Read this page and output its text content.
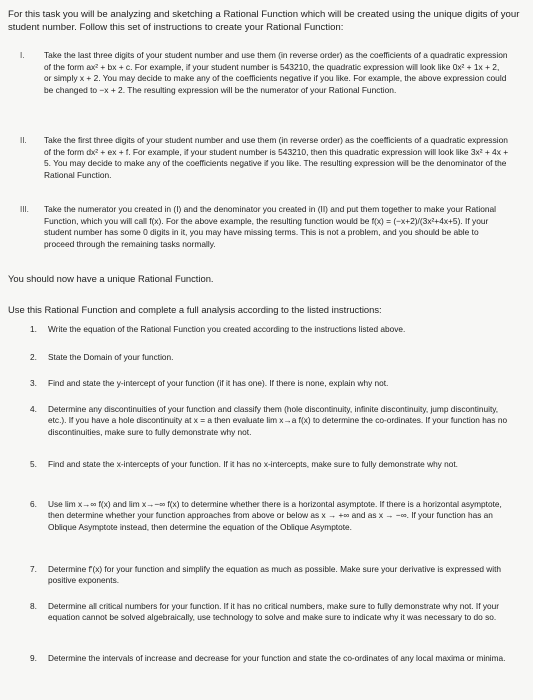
For this task you will be analyzing and sketching a Rational Function which will be created using the unique digits of your student number. Follow this set of instructions to create your Rational Function:
I.	Take the last three digits of your student number and use them (in reverse order) as the coefficients of a quadratic expression of the form ax² + bx + c. For example, if your student number is 543210, the quadratic expression will look like 0x² + 1x + 2, or simply x + 2. You may decide to make any of the coefficients negative if you like. For example, the above expression could be changed to −x + 2. The resulting expression will be the numerator of your Rational Function.
II.	Take the first three digits of your student number and use them (in reverse order) as the coefficients of a quadratic expression of the form dx² + ex + f. For example, if your student number is 543210, then this quadratic expression will look like 3x² + 4x + 5. You may decide to make any of the coefficients negative if you like. The resulting expression will be the denominator of the Rational Function.
III.	Take the numerator you created in (I) and the denominator you created in (II) and put them together to make your Rational Function, which you will call f(x). For the above example, the resulting function would be f(x) = (−x+2)/(3x²+4x+5). If your student number has some 0 digits in it, you may have missing terms. This is not a problem, and you should be able to proceed through the remaining tasks normally.
You should now have a unique Rational Function.
Use this Rational Function and complete a full analysis according to the listed instructions:
1.	Write the equation of the Rational Function you created according to the instructions listed above.
2.	State the Domain of your function.
3.	Find and state the y-intercept of your function (if it has one). If there is none, explain why not.
4.	Determine any discontinuities of your function and classify them (hole discontinuity, infinite discontinuity, jump discontinuity, etc.). If you have a hole discontinuity at x = a then evaluate lim x→a f(x) to determine the co-ordinates. If your function has no discontinuities, make sure to fully demonstrate why not.
5.	Find and state the x-intercepts of your function. If it has no x-intercepts, make sure to fully demonstrate why not.
6.	Use lim x→∞ f(x) and lim x→−∞ f(x) to determine whether there is a horizontal asymptote. If there is a horizontal asymptote, then determine whether your function approaches from above or below as x → +∞ and as x → −∞. If your function has an Oblique Asymptote instead, then determine the equation of the Oblique Asymptote.
7.	Determine f′(x) for your function and simplify the equation as much as possible. Make sure your derivative is expressed with positive exponents.
8.	Determine all critical numbers for your function. If it has no critical numbers, make sure to fully demonstrate why not. If your equation cannot be solved algebraically, use technology to solve and make sure to indicate why it was necessary to do so.
9.	Determine the intervals of increase and decrease for your function and state the co-ordinates of any local maxima or minima.
